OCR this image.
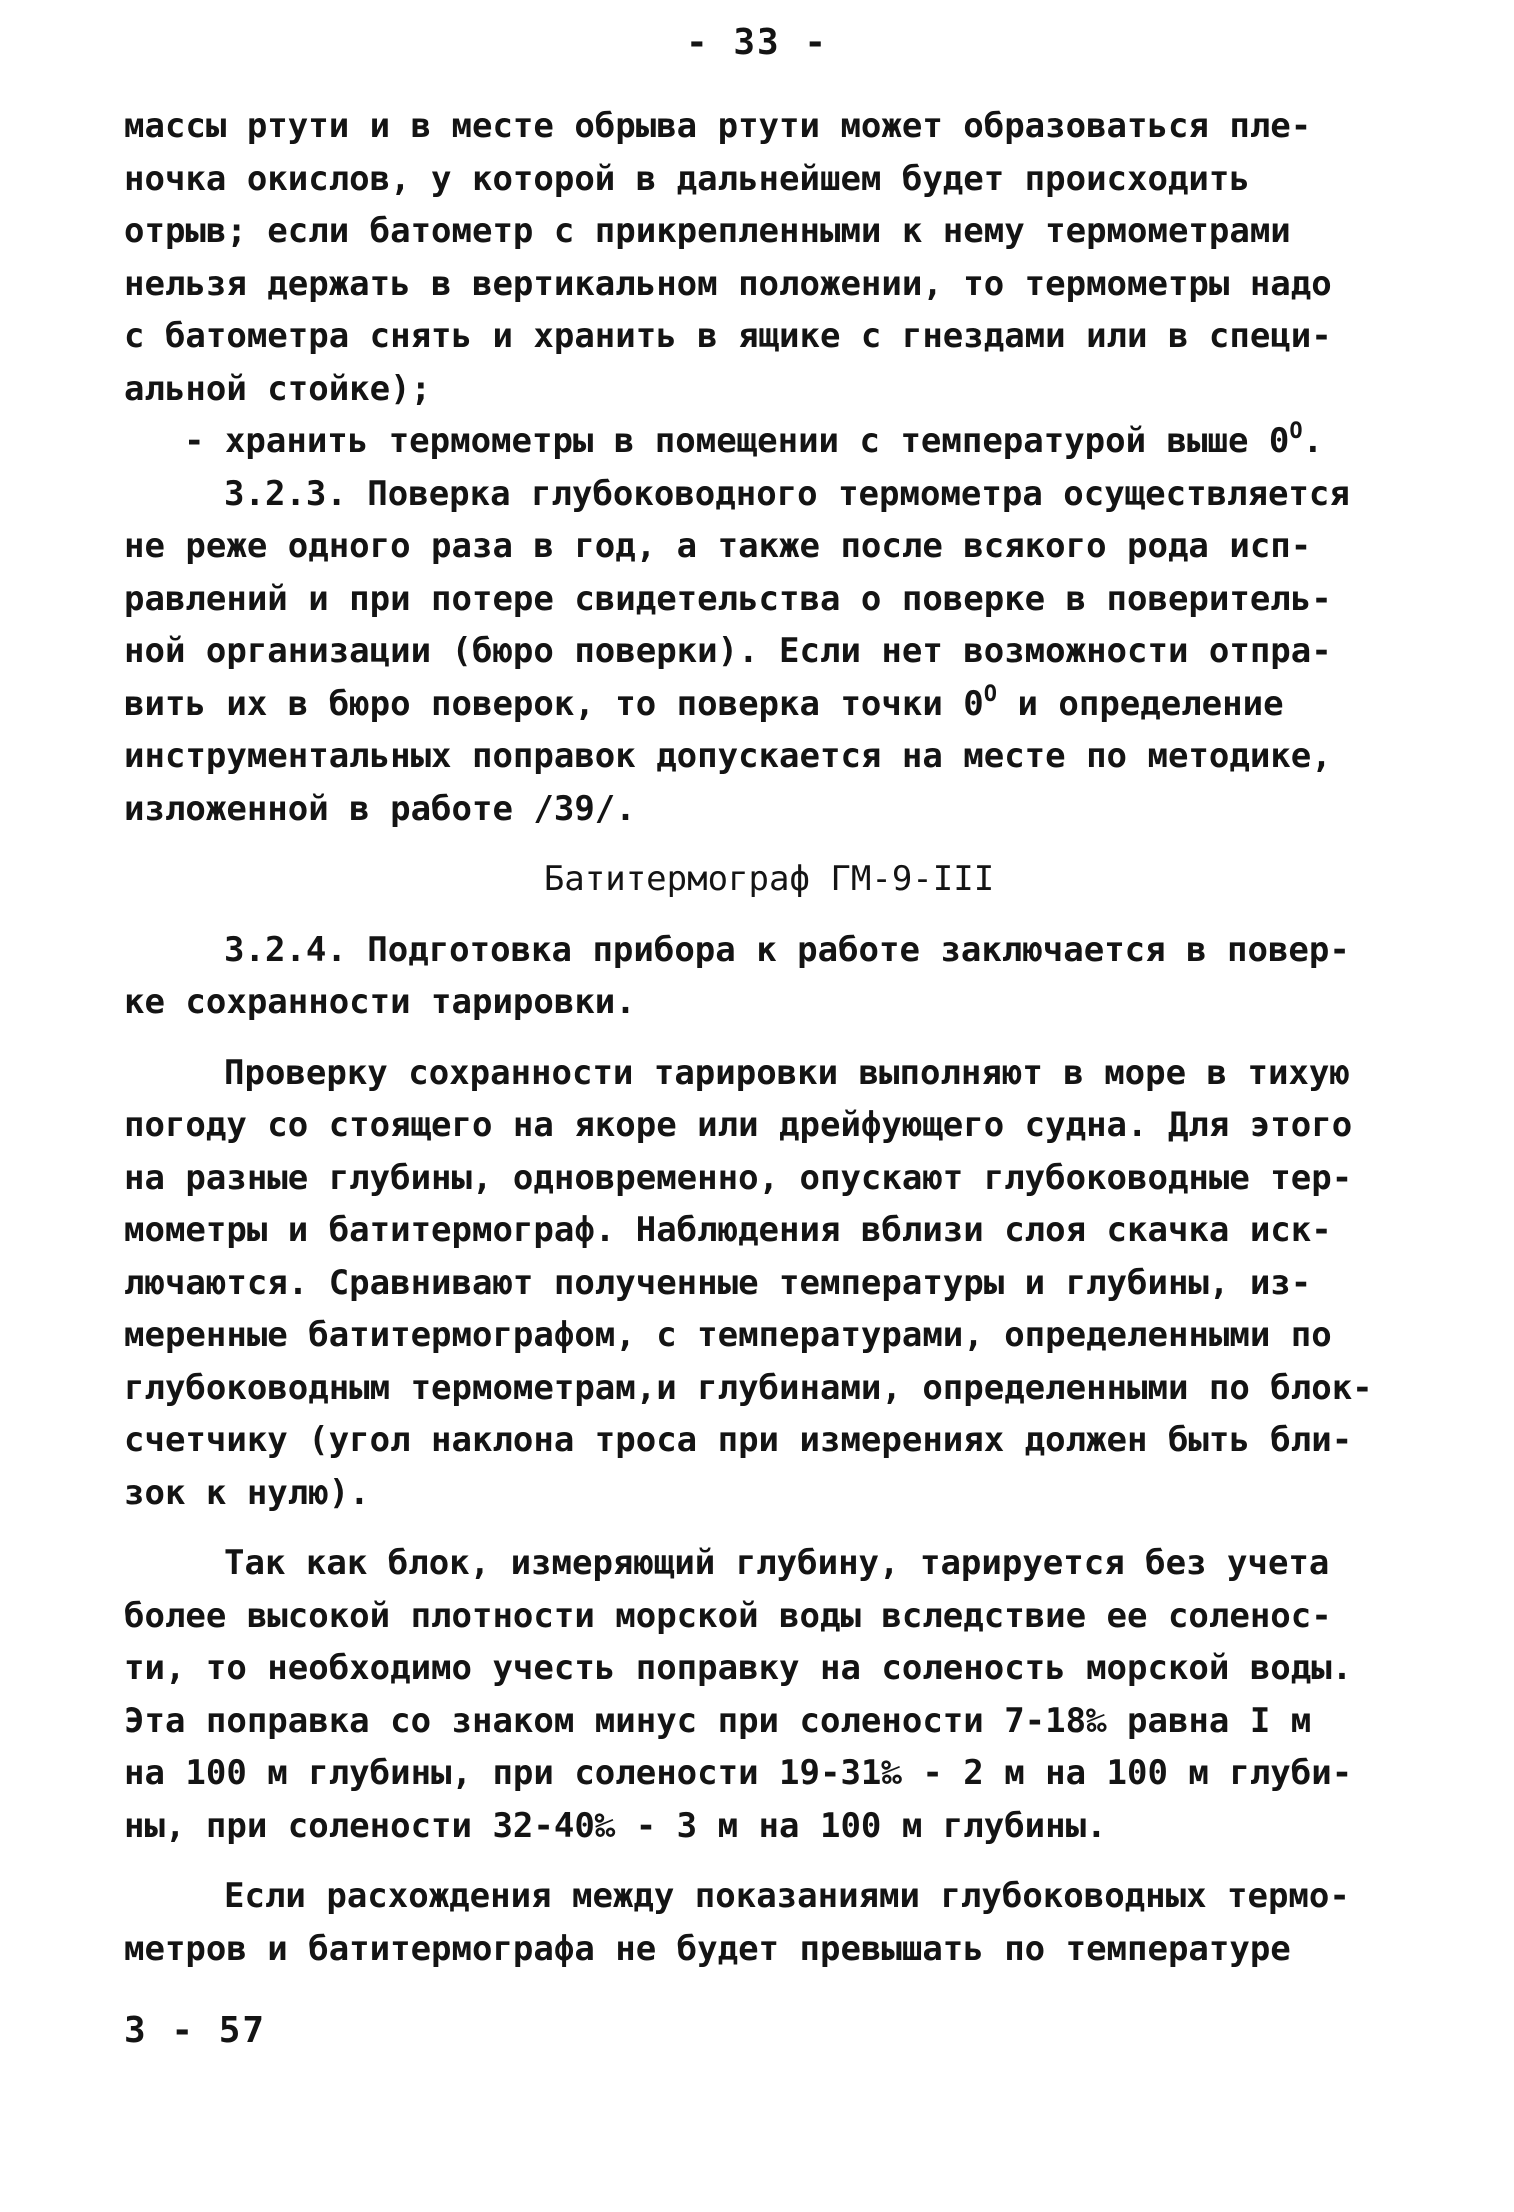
- 33 -
массы ртути и в месте обрыва ртути может образоваться пле-
ночка окислов, у которой в дальнейшем будет происходить
отрыв; если батометр с прикрепленными к нему термометрами
нельзя держать в вертикальном положении, то термометры надо
с батометра снять и хранить в ящике с гнездами или в специ-
альной стойке);
- хранить термометры в помещении с температурой выше $0^О$.
3.2.3. Поверка глубоководного термометра осуществляется
не реже одного раза в год, а также после всякого рода исп-
равлений и при потере свидетельства о поверке в поверитель-
ной организации (бюро поверки). Если нет возможности отпра-
вить их в бюро поверок, то поверка точки $0^О$ и определение
инструментальных поправок допускается на месте по методике,
изложенной в работе /39/.
Батитермограф ГМ-9-III
3.2.4. Подготовка прибора к работе заключается в повер-
ке сохранности тарировки.
Проверку сохранности тарировки выполняют в море в тихую
погоду со стоящего на якоре или дрейфующего судна. Для этого
на разные глубины, одновременно, опускают глубоководные тер-
мометры и батитермограф. Наблюдения вблизи слоя скачка иск-
лючаются. Сравнивают полученные температуры и глубины, из-
меренные батитермографом, с температурами, определенными по
глубоководным термометрам,и глубинами, определенными по блок-
счетчику (угол наклона троса при измерениях должен быть бли-
зок к нулю).
Так как блок, измеряющий глубину, тарируется без учета
более высокой плотности морской воды вследствие ее соленос-
ти, то необходимо учесть поправку на соленость морской воды.
Эта поправка со знаком минус при солености 7-18‰ равна I м
на 100 м глубины, при солености 19-31‰ - 2 м на 100 м глуби-
ны, при солености 32-40‰ - 3 м на 100 м глубины.
Если расхождения между показаниями глубоководных термо-
метров и батитермографа не будет превышать по температуре
3 - 57
